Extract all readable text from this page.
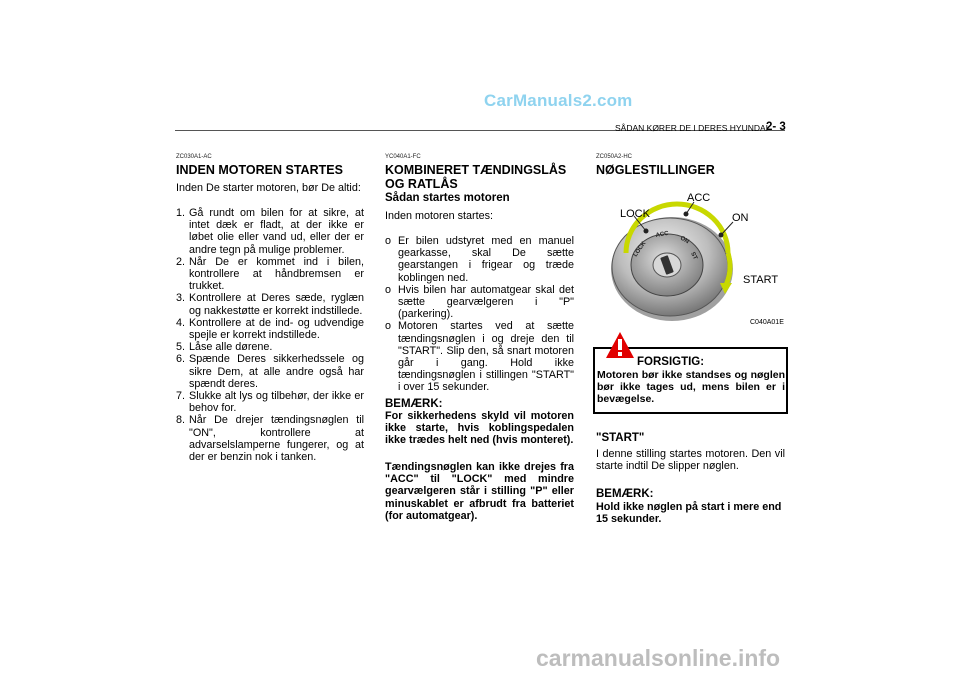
CarManuals2.com
carmanualsonline.info
SÅDAN KØRER DE I DERES HYUNDAI
2- 3
ZC030A1-AC
INDEN MOTOREN STARTES
Inden De starter motoren, bør De altid:
1. Gå rundt om bilen for at sikre, at intet dæk er fladt, at der ikke er løbet olie eller vand ud, eller der er andre tegn på mulige problemer.
2. Når De er kommet ind i bilen, kontrollere at håndbremsen er trukket.
3. Kontrollere at Deres sæde, ryglæn og nakkestøtte er korrekt indstillede.
4. Kontrollere at de ind- og udvendige spejle er korrekt indstillede.
5. Låse alle dørene.
6. Spænde Deres sikkerhedssele og sikre Dem, at alle andre også har spændt deres.
7. Slukke alt lys og tilbehør, der ikke er behov for.
8. Når De drejer tændingsnøglen til "ON", kontrollere at advarselslamperne fungerer, og at der er benzin nok i tanken.
YC040A1-FC
KOMBINERET TÆNDINGSLÅS
OG RATLÅS
Sådan startes motoren
Inden motoren startes:
o Er bilen udstyret med en manuel gearkasse, skal De sætte gearstangen i frigear og træde koblingen ned.
o Hvis bilen har automatgear skal det sætte gearvælgeren i "P" (parkering).
o Motoren startes ved at sætte tændingsnøglen i og dreje den til "START". Slip den, så snart motoren går i gang. Hold ikke tændingsnøglen i stillingen "START" i over 15 sekunder.
BEMÆRK:
For sikkerhedens skyld vil motoren ikke starte, hvis koblingspedalen ikke trædes helt ned (hvis monteret).
Tændingsnøglen kan ikke drejes fra "ACC" til "LOCK" med mindre gearvælgeren står i stilling "P" eller minuskablet er afbrudt fra batteriet (for automatgear).
ZC050A2-HC
NØGLESTILLINGER
LOCK
ACC
ON
ST
LOCK
ACC
ON
START
C040A01E
FORSIGTIG:
Motoren bør ikke standses og nøglen bør ikke tages ud, mens bilen er i bevægelse.
"START"
I denne stilling startes motoren. Den vil starte indtil De slipper nøglen.
BEMÆRK:
Hold ikke nøglen på start i mere end 15 sekunder.
